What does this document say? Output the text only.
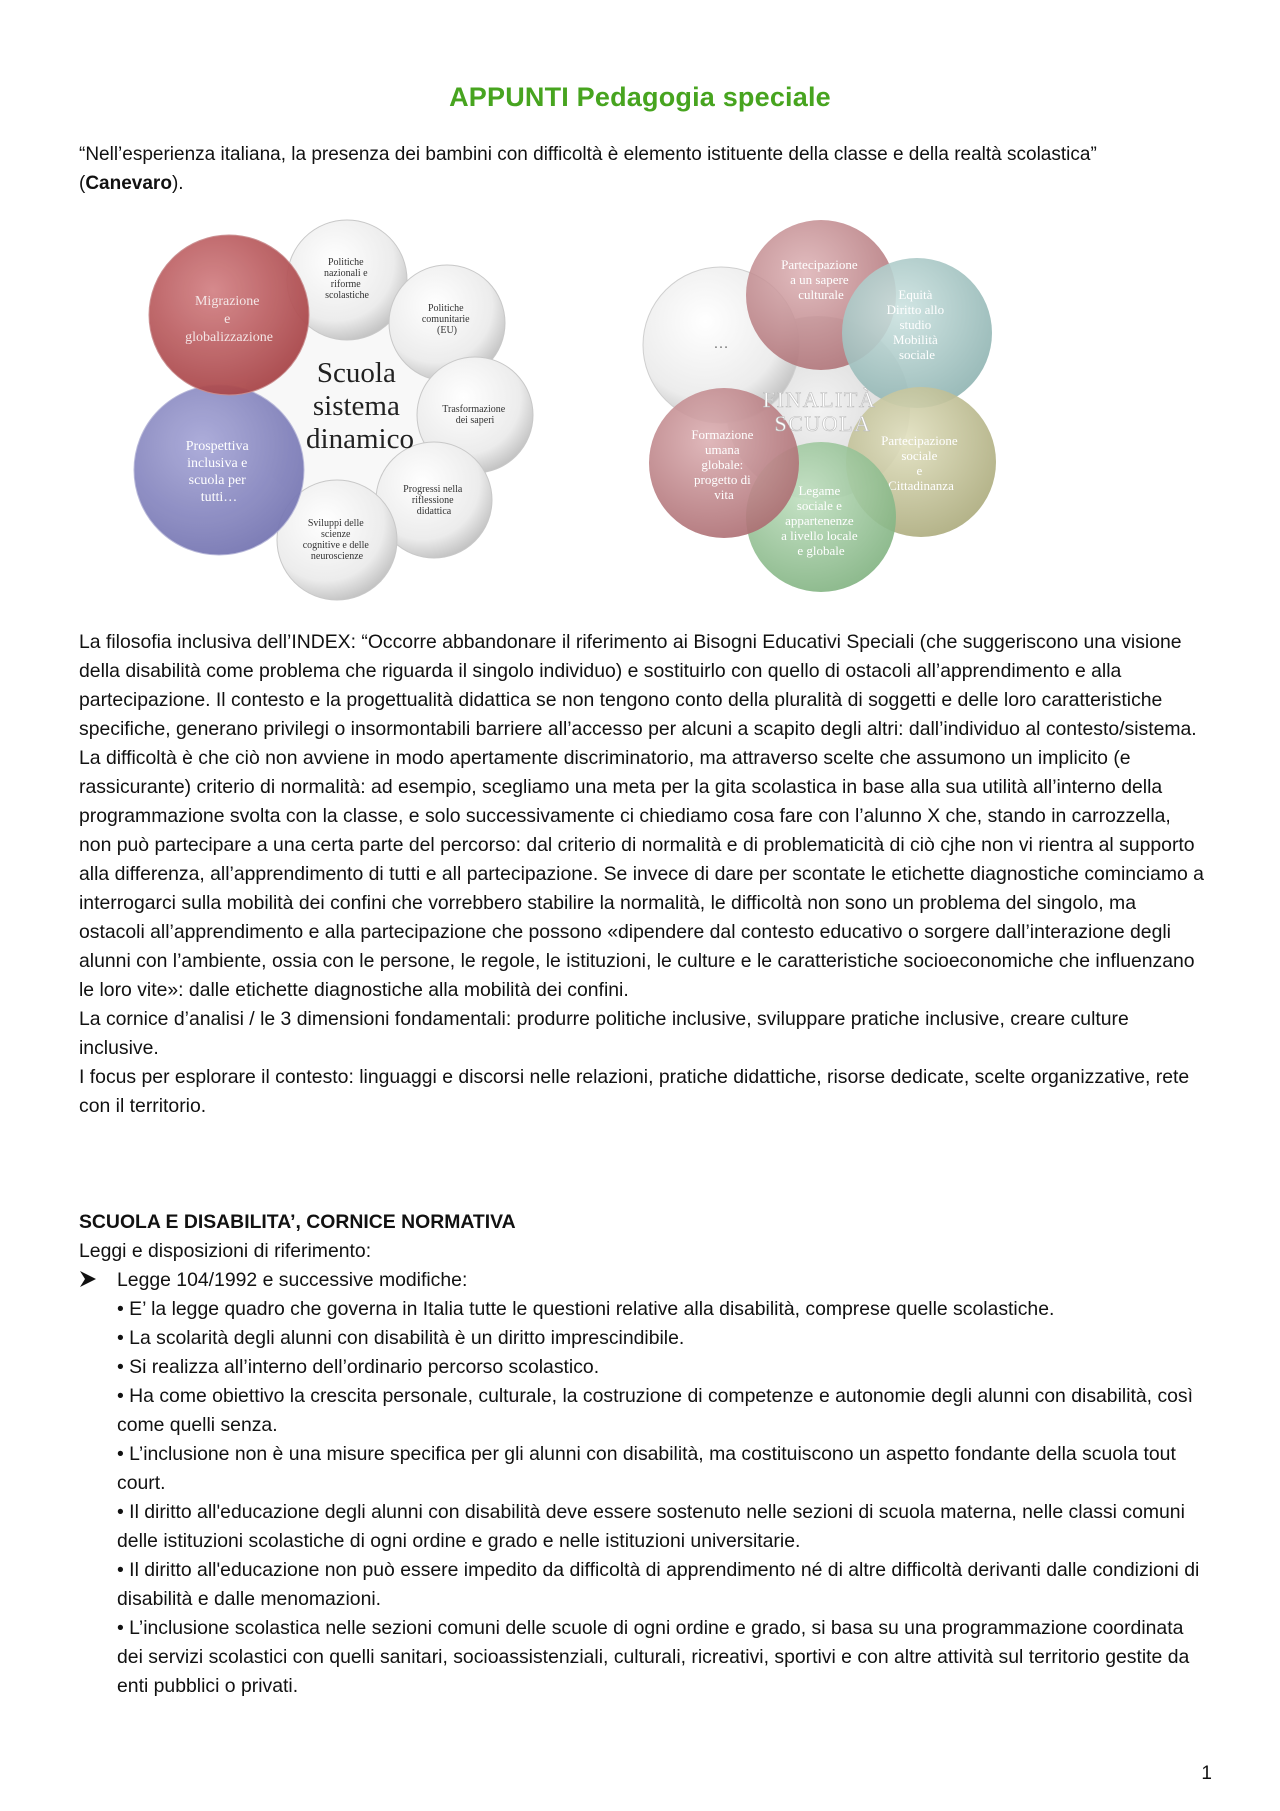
APPUNTI Pedagogia speciale
“Nell’esperienza italiana, la presenza dei bambini con difficoltà è elemento istituente della classe e della realtà scolastica” (Canevaro).
Politiche nazionali e riforme scolastiche
Politiche comunitarie (EU)
Trasformazione dei saperi
Progressi nella riflessione didattica
Sviluppi delle scienze cognitive e delle neuroscienze
Prospettiva inclusiva e scuola per tutti…
Migrazione e globalizzazione
Scuola sistema dinamico
…
Partecipazione a un sapere culturale	Equità Diritto allo studio Mobilità sociale
Partecipazione sociale e Cittadinanza
Legame sociale e appartenenze a livello locale e globale
Formazione umana globale: progetto di vita
FINALITÀ SCUOLA

La filosofia inclusiva dell’INDEX: “Occorre abbandonare il riferimento ai Bisogni Educativi Speciali (che suggeriscono una visione della disabilità come problema che riguarda il singolo individuo) e sostituirlo con quello di ostacoli all’apprendimento e alla partecipazione. Il contesto e la progettualità didattica se non tengono conto della pluralità di soggetti e delle loro caratteristiche specifiche, generano privilegi o insormontabili barriere all’accesso per alcuni a scapito degli altri: dall’individuo al contesto/sistema. La difficoltà è che ciò non avviene in modo apertamente discriminatorio, ma attraverso scelte che assumono un implicito (e rassicurante) criterio di normalità: ad esempio, scegliamo una meta per la gita scolastica in base alla sua utilità all’interno della programmazione svolta con la classe, e solo successivamente ci chiediamo cosa fare con l’alunno X che, stando in carrozzella, non può partecipare a una certa parte del percorso: dal criterio di normalità e di problematicità di ciò cjhe non vi rientra al supporto alla differenza, all’apprendimento di tutti e all partecipazione. Se invece di dare per scontate le etichette diagnostiche cominciamo a interrogarci sulla mobilità dei confini che vorrebbero stabilire la normalità, le difficoltà non sono un problema del singolo, ma ostacoli all’apprendimento e alla partecipazione che possono «dipendere dal contesto educativo o sorgere dall’interazione degli alunni con l’ambiente, ossia con le persone, le regole, le istituzioni, le culture e le caratteristiche socioeconomiche che influenzano le loro vite»: dalle etichette diagnostiche alla mobilità dei confini.

La cornice d’analisi / le 3 dimensioni fondamentali: produrre politiche inclusive, sviluppare pratiche inclusive, creare culture inclusive.

I focus per esplorare il contesto: linguaggi e discorsi nelle relazioni, pratiche didattiche, risorse dedicate, scelte organizzative, rete con il territorio.

SCUOLA E DISABILITA’, CORNICE NORMATIVA

Leggi e disposizioni di riferimento:

Legge 104/1992 e successive modifiche:

• E’ la legge quadro che governa in Italia tutte le questioni relative alla disabilità, comprese quelle scolastiche.

• La scolarità degli alunni con disabilità è un diritto imprescindibile.

• Si realizza all’interno dell’ordinario percorso scolastico.

• Ha come obiettivo la crescita personale, culturale, la costruzione di competenze e autonomie degli alunni con disabilità, così come quelli senza.

• L’inclusione non è una misure specifica per gli alunni con disabilità, ma costituiscono un aspetto fondante della scuola tout court.

• Il diritto all'educazione degli alunni con disabilità deve essere sostenuto nelle sezioni di scuola materna, nelle classi comuni delle istituzioni scolastiche di ogni ordine e grado e nelle istituzioni universitarie.

• Il diritto all'educazione non può essere impedito da difficoltà di apprendimento né di altre difficoltà derivanti dalle condizioni di disabilità e dalle menomazioni.

• L’inclusione scolastica nelle sezioni comuni delle scuole di ogni ordine e grado, si basa su una programmazione coordinata dei servizi scolastici con quelli sanitari, socioassistenziali, culturali, ricreativi, sportivi e con altre attività sul territorio gestite da enti pubblici o privati.

1
